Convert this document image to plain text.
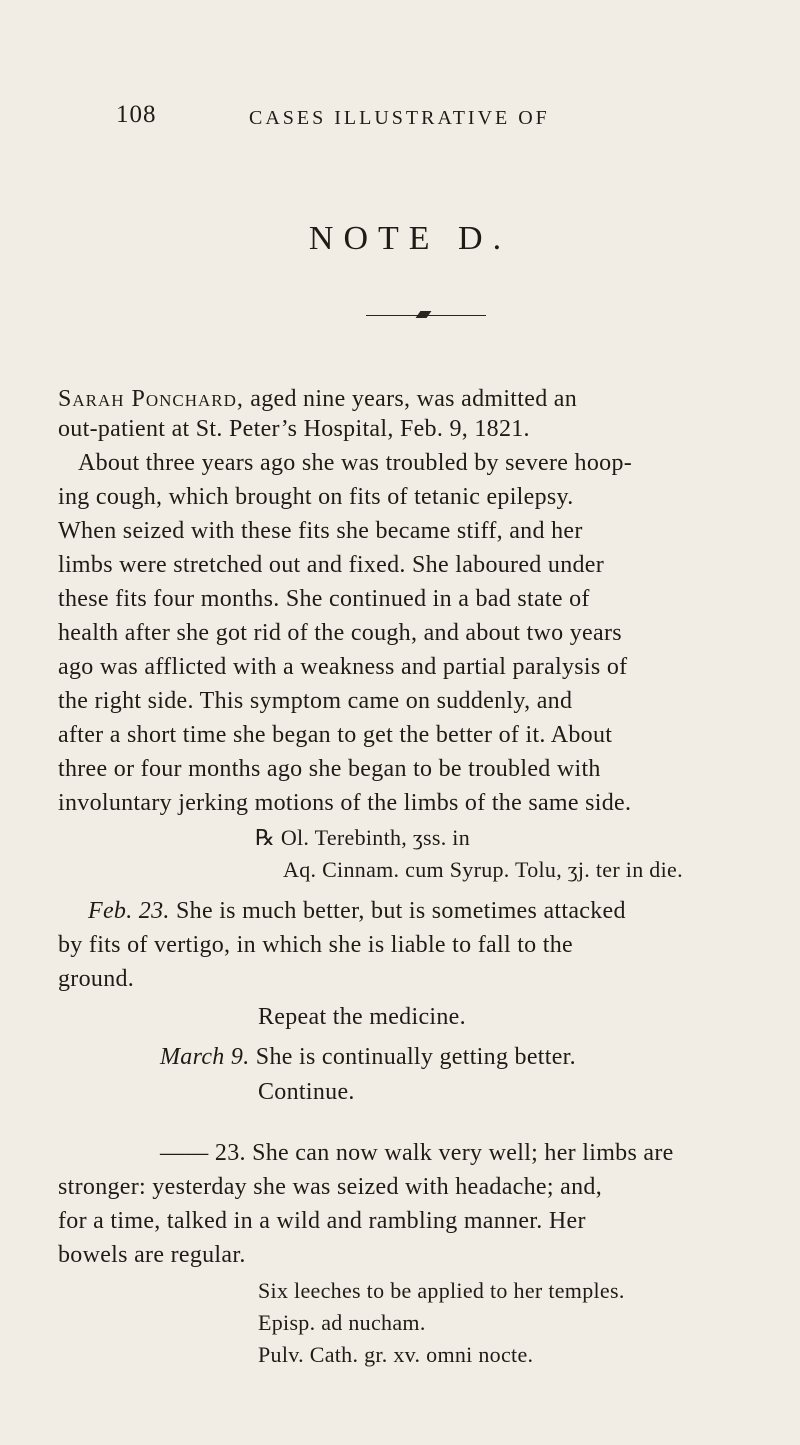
108	CASES ILLUSTRATIVE OF
NOTE D.
Sarah Ponchard, aged nine years, was admitted an
out-patient at St. Peter’s Hospital, Feb. 9, 1821.
About three years ago she was troubled by severe hoop-
ing cough, which brought on fits of tetanic epilepsy.
When seized with these fits she became stiff, and her
limbs were stretched out and fixed. She laboured under
these fits four months. She continued in a bad state of
health after she got rid of the cough, and about two years
ago was afflicted with a weakness and partial paralysis of
the right side. This symptom came on suddenly, and
after a short time she began to get the better of it. About
three or four months ago she began to be troubled with
involuntary jerking motions of the limbs of the same side.
℞ Ol. Terebinth, ʒss. in
Aq. Cinnam. cum Syrup. Tolu, ʒj. ter in die.
Feb. 23. She is much better, but is sometimes attacked
by fits of vertigo, in which she is liable to fall to the
ground.
Repeat the medicine.
March 9. She is continually getting better.
Continue.
—— 23. She can now walk very well; her limbs are
stronger: yesterday she was seized with headache; and,
for a time, talked in a wild and rambling manner. Her
bowels are regular.
Six leeches to be applied to her temples.
Episp. ad nucham.
Pulv. Cath. gr. xv. omni nocte.
